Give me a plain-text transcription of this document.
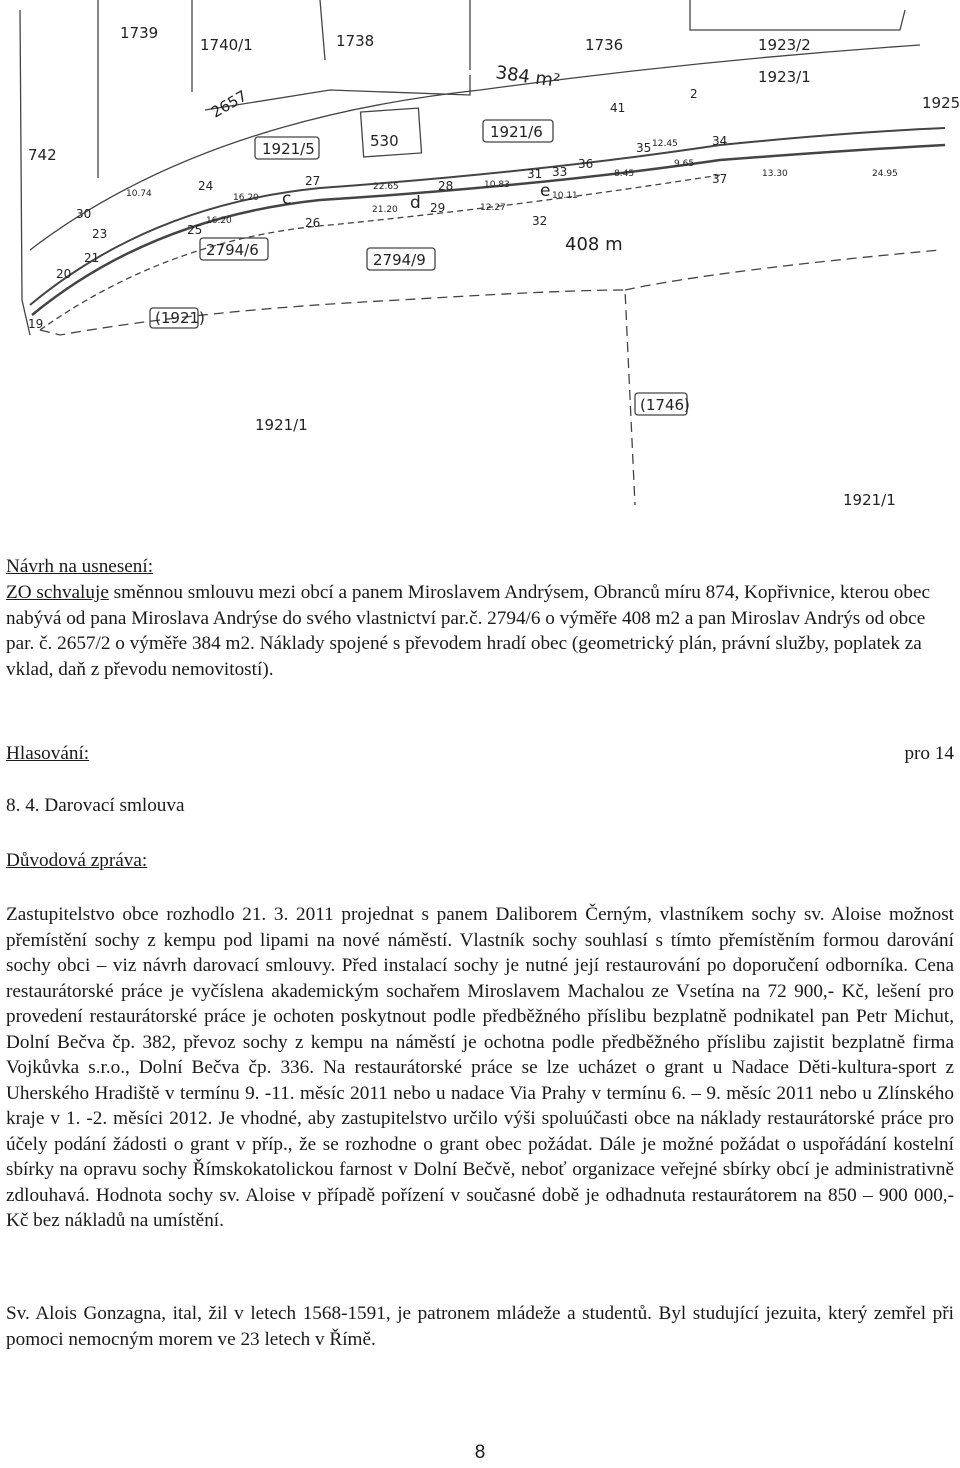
1739
1740/1	1738	1736	1923/2
1923/1
1925
742
2657
1921/5	530	1921/6
2794/6
2794/9
(1921)
(1746)
1921/1
1921/1
384 m²
408 m
c	d
e
20
21
19
30
25
23
24	27
26
28
29
31
32
33
35
36
34
37
41
2
10.74	16.20
22.65
21.20
10.83
12.27
10.11
12.45
13.30	24.95
9.65
8.45
16.20

Návrh na usnesení:

ZO schvaluje směnnou smlouvu mezi obcí a panem Miroslavem Andrýsem, Obranců míru 874, Kopřivnice, kterou obec nabývá od pana Miroslava Andrýse do svého vlastnictví par.č. 2794/6 o výměře 408 m2 a pan Miroslav Andrýs od obce par. č. 2657/2 o výměře 384 m2. Náklady spojené s převodem hradí obec (geometrický plán, právní služby, poplatek za vklad, daň z převodu nemovitostí).

Hlasování:	pro 14

8. 4. Darovací smlouva

Důvodová zpráva:

Zastupitelstvo obce rozhodlo 21. 3. 2011 projednat s panem Daliborem Černým, vlastníkem sochy sv. Aloise možnost přemístění sochy z kempu pod lipami na nové náměstí. Vlastník sochy souhlasí s tímto přemístěním formou darování sochy obci – viz návrh darovací smlouvy. Před instalací sochy je nutné její restaurování po doporučení odborníka. Cena restaurátorské práce je vyčíslena akademickým sochařem Miroslavem Machalou ze Vsetína na 72 900,- Kč, lešení pro provedení restaurátorské práce je ochoten poskytnout podle předběžného příslibu bezplatně podnikatel pan Petr Michut, Dolní Bečva čp. 382, převoz sochy z kempu na náměstí je ochotna podle předběžného příslibu zajistit bezplatně firma Vojkůvka s.r.o., Dolní Bečva čp. 336. Na restaurátorské práce se lze ucházet o grant u Nadace Děti-kultura-sport z Uherského Hradiště v termínu 9. -11. měsíc 2011 nebo u nadace Via Prahy v termínu 6. – 9. měsíc 2011 nebo u Zlínského kraje v 1. -2. měsíci 2012. Je vhodné, aby zastupitelstvo určilo výši spoluúčasti obce na náklady restaurátorské práce pro účely podání žádosti o grant v příp., že se rozhodne o grant obec požádat. Dále je možné požádat o uspořádání kostelní sbírky na opravu sochy Římskokatolickou farnost v Dolní Bečvě, neboť organizace veřejné sbírky obcí je administrativně zdlouhavá. Hodnota sochy sv. Aloise v případě pořízení v současné době je odhadnuta restaurátorem na 850 – 900 000,- Kč bez nákladů na umístění.

Sv. Alois Gonzagna, ital, žil v letech 1568-1591, je patronem mládeže a studentů. Byl studující jezuita, který zemřel při pomoci nemocným morem ve 23 letech v Římě.

8
